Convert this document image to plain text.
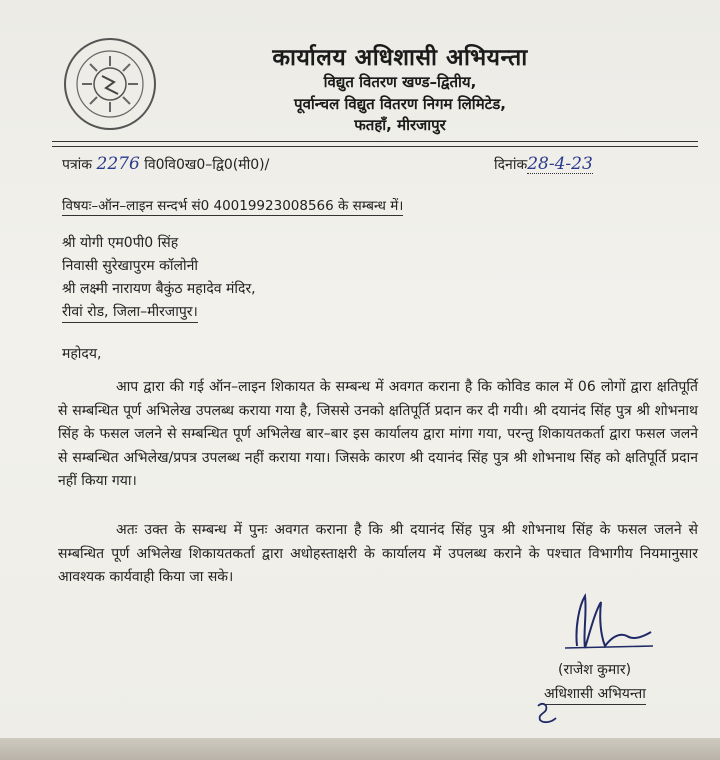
कार्यालय अधिशासी अभियन्ता
विद्युत वितरण खण्ड–द्वितीय,
पूर्वान्चल विद्युत वितरण निगम लिमिटेड,
फतहाँ, मीरजापुर
पत्रांक 2276 वि0वि0ख0–द्वि0(मी0)/	दिनांक28-4-23
विषयः–ऑन–लाइन सन्दर्भ सं0 40019923008566 के सम्बन्ध में।
श्री योगी एम0पी0 सिंह
निवासी सुरेखापुरम कॉलोनी
श्री लक्ष्मी नारायण बैकुंठ महादेव मंदिर,
रीवां रोड, जिला–मीरजापुर।
महोदय,
आप द्वारा की गई ऑन–लाइन शिकायत के सम्बन्ध में अवगत कराना है कि कोविड काल में 06 लोगों द्वारा क्षतिपूर्ति से सम्बन्धित पूर्ण अभिलेख उपलब्ध कराया गया है, जिससे उनको क्षतिपूर्ति प्रदान कर दी गयी। श्री दयानंद सिंह पुत्र श्री शोभनाथ सिंह के फसल जलने से सम्बन्धित पूर्ण अभिलेख बार–बार इस कार्यालय द्वारा मांगा गया, परन्तु शिकायतकर्ता द्वारा फसल जलने से सम्बन्धित अभिलेख/प्रपत्र उपलब्ध नहीं कराया गया। जिसके कारण श्री दयानंद सिंह पुत्र श्री शोभनाथ सिंह को क्षतिपूर्ति प्रदान नहीं किया गया।
अतः उक्त के सम्बन्ध में पुनः अवगत कराना है कि श्री दयानंद सिंह पुत्र श्री शोभनाथ सिंह के फसल जलने से सम्बन्धित पूर्ण अभिलेख शिकायतकर्ता द्वारा अधोहस्ताक्षरी के कार्यालय में उपलब्ध कराने के पश्चात विभागीय नियमानुसार आवश्यक कार्यवाही किया जा सके।
(राजेश कुमार)
अधिशासी अभियन्ता
